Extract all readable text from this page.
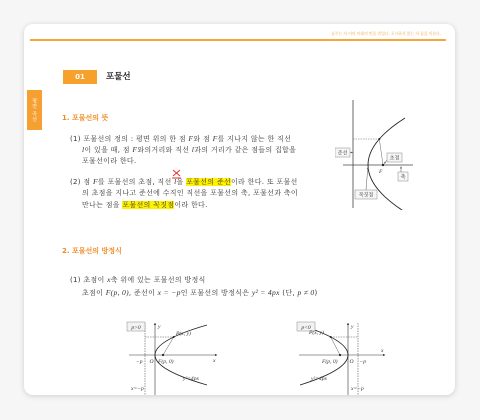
꿈꾸는 자 이미 미래의 반을 얻었다. 포기하지 않는 자 꿈을 이룬다.
평면 곡선
01	포물선
1. 포물선의 뜻
(1) 포물선의 정의 : 평면 위의 한 점 F와 점 F를 지나지 않는 한 직선
l이 있을 때, 점 F와의거리와 직선 l과의 거리가 같은 점들의 집합을
포물선이라 한다.
(2) 점 F를 포물선의 초점, 직선
l을 포물선의 준선이라 한다. 또 포물선
의 초점을 지나고 준선에 수직인 직선을 포물선의 축, 포물선과 축이
만나는 점을 포물선의 꼭짓점이라 한다.
F
준선
초점
축
꼭짓점
2. 포물선의 방정식
(1) 초점이 x축 위에 있는 포물선의 방정식
초점이 F(p, 0), 준선이 x = −p인 포물선의 방정식은 y² = 4px (단, p ≠ 0)
p>0	y
P(x, y)
−p O F(p, 0)	x
x=−p
y²=4px
p<0	y
P(x, y)
F(p, 0) O −p
x
y²=4px
x=−p
